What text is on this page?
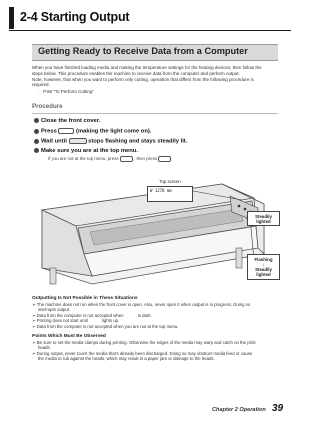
2-4 Starting Output
Getting Ready to Receive Data from a Computer
When you have finished loading media and making the temperature settings for the heating devices, then follow the
steps below. This procedure enables the machine to receive data from the computer and perform output.
Note, however, that when you want to perform only cutting, operation that differs from the following procedure is
required.
☞ P.68 "To Perform Cutting"
Procedure
Close the front cover.
Press	(making the light come on).
Wait until	stops flashing and stays steadily lit.
Make sure you are at the top menu.
If you are not at the top menu, press	, then press
Top screen
W 1270 mm
Steadily lighted
Flashing
↓
Steadily lighted
Outputting Is Not Possible in These Situations
➢ The machine does not run when the front cover is open. Also, never open it when output is in progress. Doing so
interrupts output.
➢ Data from the computer is not accepted when            is dark.
➢ Printing does not start until            lights up.
➢ Data from the computer is not accepted when you are not at the top menu.
Points Which Must Be Observed
➢ Be sure to set the media clamps during printing. Otherwise the edges of the media may warp and catch on the print
heads.
➢ During output, never touch the media that's already been discharged. Doing so may obstruct media feed or cause
the media to rub against the heads, which may result in a paper jam or damage to the heads.
Chapter 2 Operation 39
